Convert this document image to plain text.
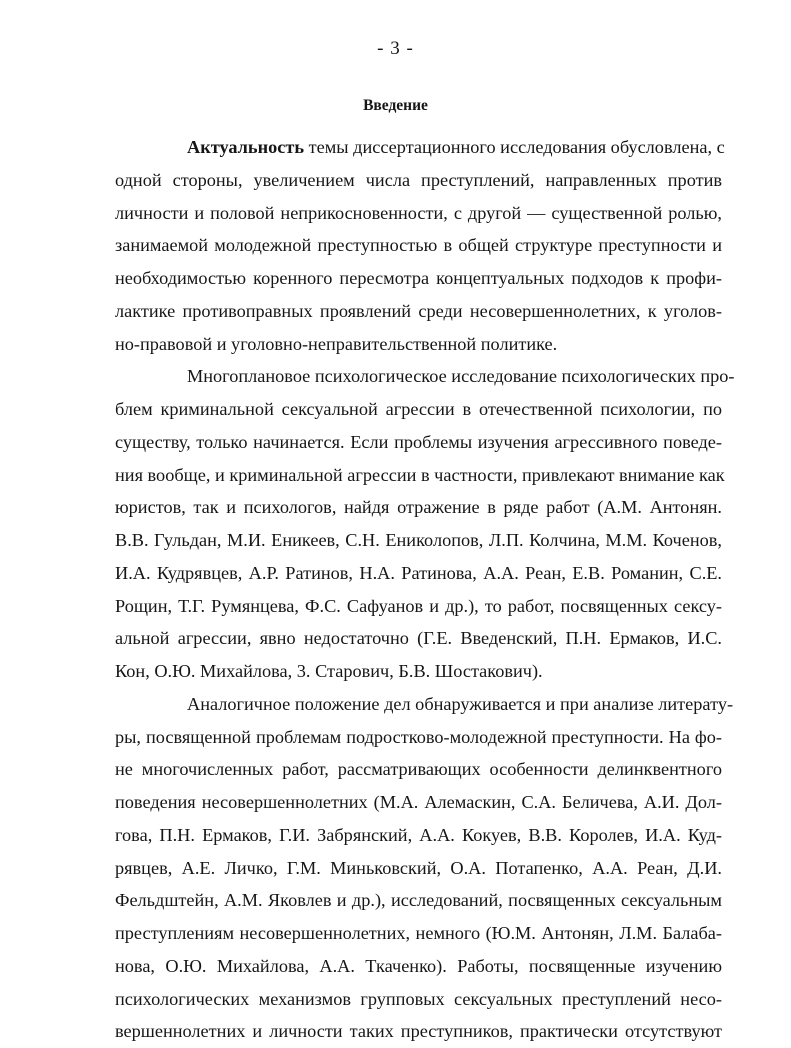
- 3 -
Введение
Актуальность темы диссертационного исследования обусловлена, с
одной стороны, увеличением числа преступлений, направленных против
личности и половой неприкосновенности, с другой — существенной ролью,
занимаемой молодежной преступностью в общей структуре преступности и
необходимостью коренного пересмотра концептуальных подходов к профи-
лактике противоправных проявлений среди несовершеннолетних, к уголов-
но-правовой и уголовно-неправительственной политике.
Многоплановое психологическое исследование психологических про-
блем криминальной сексуальной агрессии в отечественной психологии, по
существу, только начинается. Если проблемы изучения агрессивного поведе-
ния вообще, и криминальной агрессии в частности, привлекают внимание как
юристов, так и психологов, найдя отражение в ряде работ (А.М. Антонян.
В.В. Гульдан, М.И. Еникеев, С.Н. Ениколопов, Л.П. Колчина, М.М. Коченов,
И.А. Кудрявцев, А.Р. Ратинов, Н.А. Ратинова, А.А. Реан, Е.В. Романин, С.Е.
Рощин, Т.Г. Румянцева, Ф.С. Сафуанов и др.), то работ, посвященных сексу-
альной агрессии, явно недостаточно (Г.Е. Введенский, П.Н. Ермаков, И.С.
Кон, О.Ю. Михайлова, 3. Старович, Б.В. Шостакович).
Аналогичное положение дел обнаруживается и при анализе литерату-
ры, посвященной проблемам подростково-молодежной преступности. На фо-
не многочисленных работ, рассматривающих особенности делинквентного
поведения несовершеннолетних (М.А. Алемаскин, С.А. Беличева, А.И. Дол-
гова, П.Н. Ермаков, Г.И. Забрянский, А.А. Кокуев, В.В. Королев, И.А. Куд-
рявцев, А.Е. Личко, Г.М. Миньковский, О.А. Потапенко, А.А. Реан, Д.И.
Фельдштейн, А.М. Яковлев и др.), исследований, посвященных сексуальным
преступлениям несовершеннолетних, немного (Ю.М. Антонян, Л.М. Балаба-
нова, О.Ю. Михайлова, А.А. Ткаченко). Работы, посвященные изучению
психологических механизмов групповых сексуальных преступлений несо-
вершеннолетних и личности таких преступников, практически отсутствуют
